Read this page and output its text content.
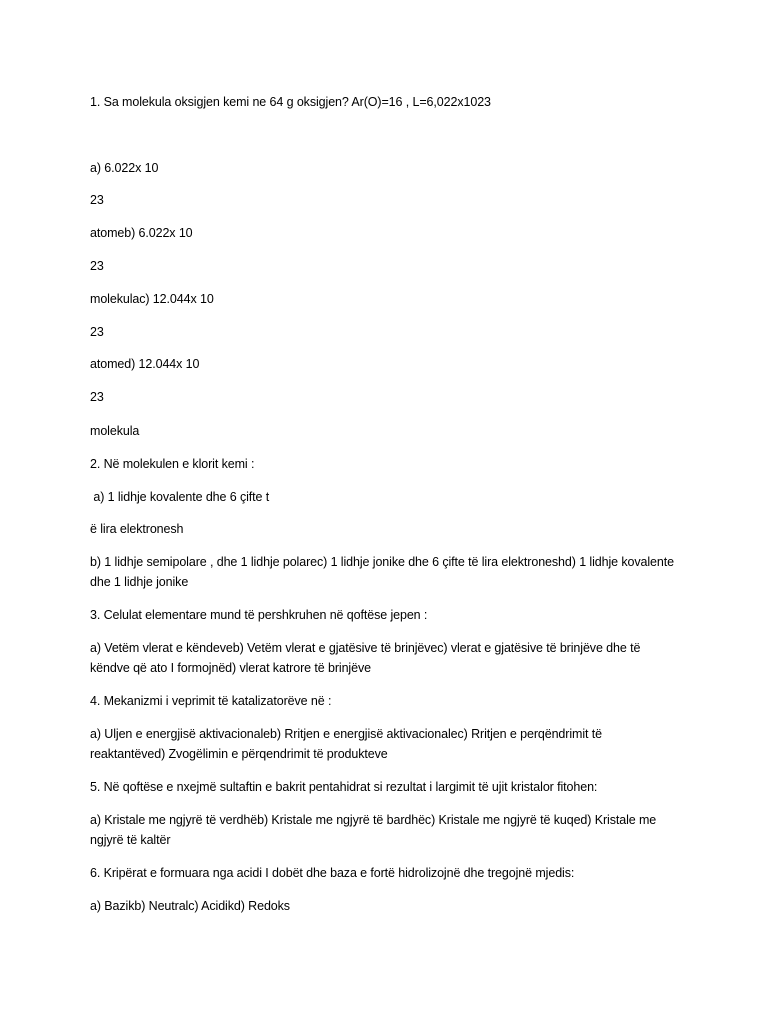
1. Sa molekula oksigjen kemi ne 64 g oksigjen? Ar(O)=16 , L=6,022x1023
a) 6.022x 10
23
atomeb) 6.022x 10
23
molekulac) 12.044x 10
23
atomed) 12.044x 10
23
molekula
2. Në molekulen e klorit kemi :
a) 1 lidhje kovalente dhe 6 çifte t
ë lira elektronesh
b) 1 lidhje semipolare , dhe 1 lidhje polarec) 1 lidhje jonike dhe 6 çifte të lira elektroneshd) 1 lidhje kovalente dhe 1 lidhje jonike
3. Celulat elementare mund të pershkruhen në qoftëse jepen :
a) Vetëm vlerat e këndeveb) Vetëm vlerat e gjatësive të brinjëvec) vlerat e gjatësive të brinjëve dhe të këndve që ato I formojnëd) vlerat katrore të brinjëve
4. Mekanizmi i veprimit të katalizatorëve në :
a) Uljen e energjisë aktivacionaleb) Rritjen e energjisë aktivacionalec) Rritjen e perqëndrimit të reaktantëved) Zvogëlimin e përqendrimit të produkteve
5. Në qoftëse e nxejmë sultaftin e bakrit pentahidrat si rezultat i largimit të ujit kristalor fitohen:
a) Kristale me ngjyrë të verdhëb) Kristale me ngjyrë të bardhëc) Kristale me ngjyrë të kuqed) Kristale me ngjyrë të kaltër
6. Kripërat e formuara nga acidi I dobët dhe baza e fortë hidrolizojnë dhe tregojnë mjedis:
a) Bazikb) Neutralc) Acidikd) Redoks
